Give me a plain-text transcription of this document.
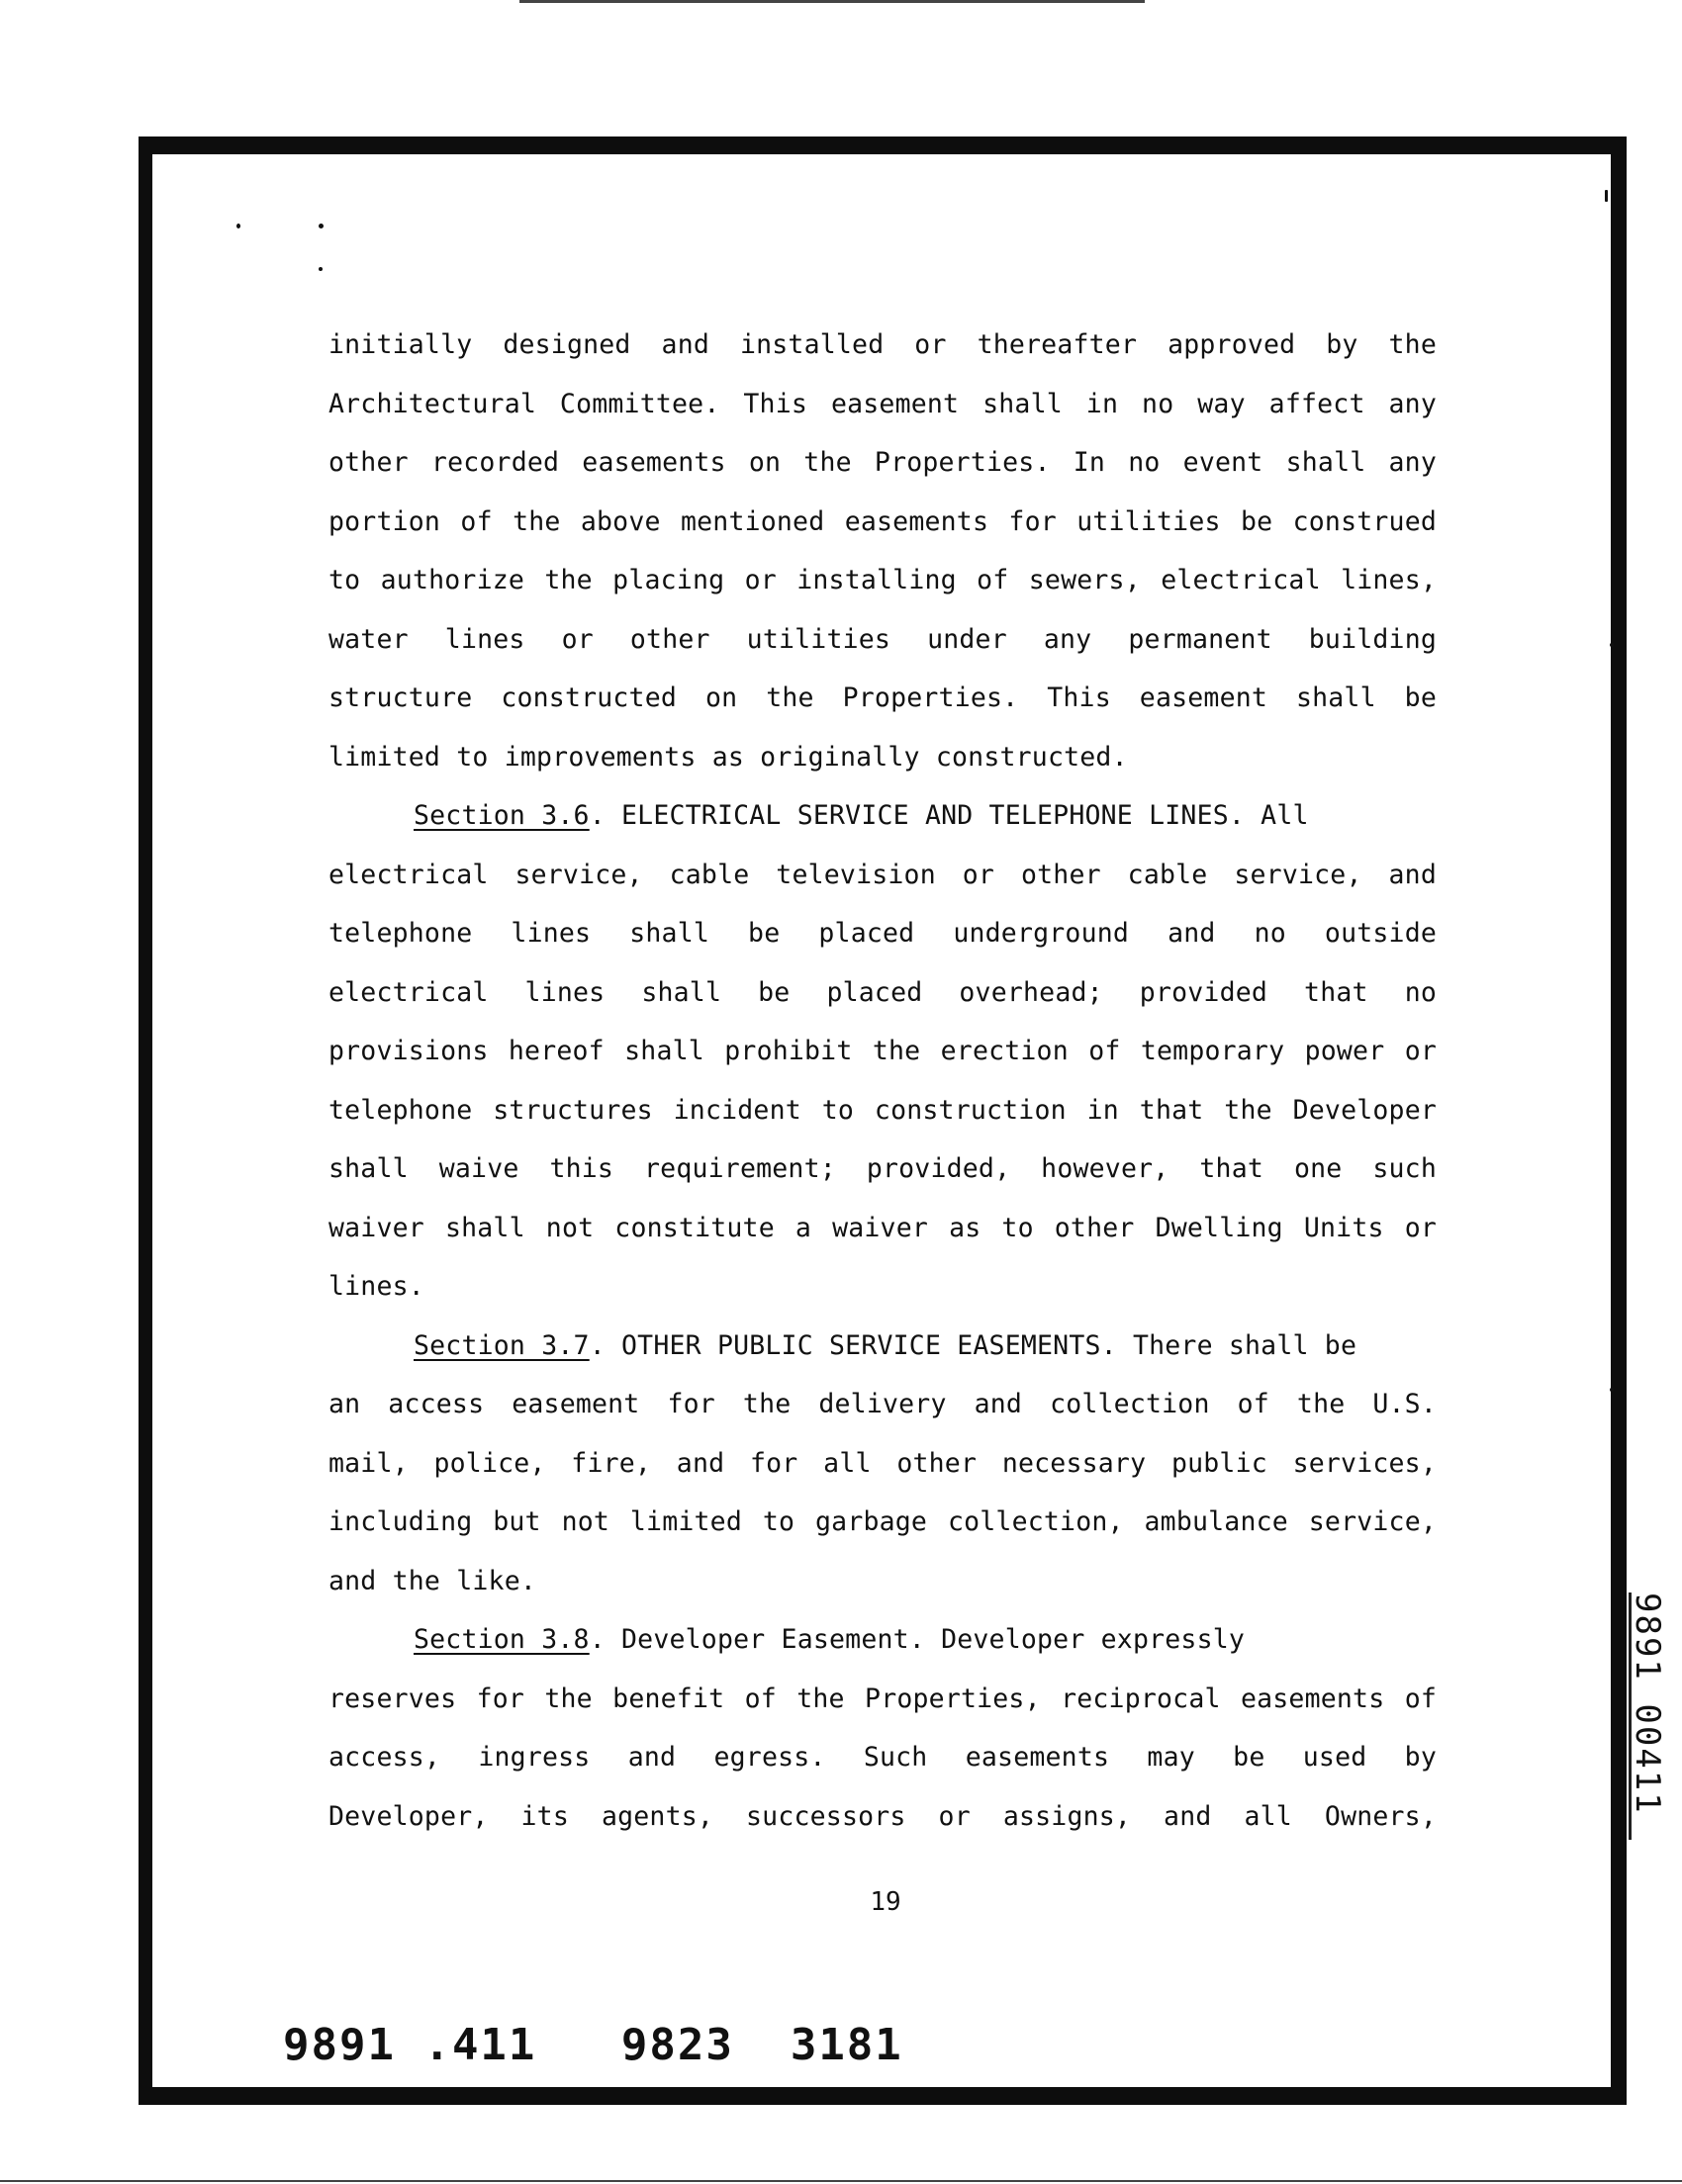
initially designed and installed or thereafter approved by the
Architectural Committee. This easement shall in no way affect any
other recorded easements on the Properties. In no event shall any
portion of the above mentioned easements for utilities be construed
to authorize the placing or installing of sewers, electrical lines,
water lines or other utilities under any permanent building
structure constructed on the Properties. This easement shall be
limited to improvements as originally constructed.
Section 3.6. ELECTRICAL SERVICE AND TELEPHONE LINES. All
electrical service, cable television or other cable service, and
telephone lines shall be placed underground and no outside
electrical lines shall be placed overhead; provided that no
provisions hereof shall prohibit the erection of temporary power or
telephone structures incident to construction in that the Developer
shall waive this requirement; provided, however, that one such
waiver shall not constitute a waiver as to other Dwelling Units or
lines.
Section 3.7. OTHER PUBLIC SERVICE EASEMENTS. There shall be
an access easement for the delivery and collection of the U.S.
mail, police, fire, and for all other necessary public services,
including but not limited to garbage collection, ambulance service,
and the like.
Section 3.8. Developer Easement. Developer expressly
reserves for the benefit of the Properties, reciprocal easements of
access, ingress and egress. Such easements may be used by
Developer, its agents, successors or assigns, and all Owners,
19
9891 .411   9823  3181
9891 00411
